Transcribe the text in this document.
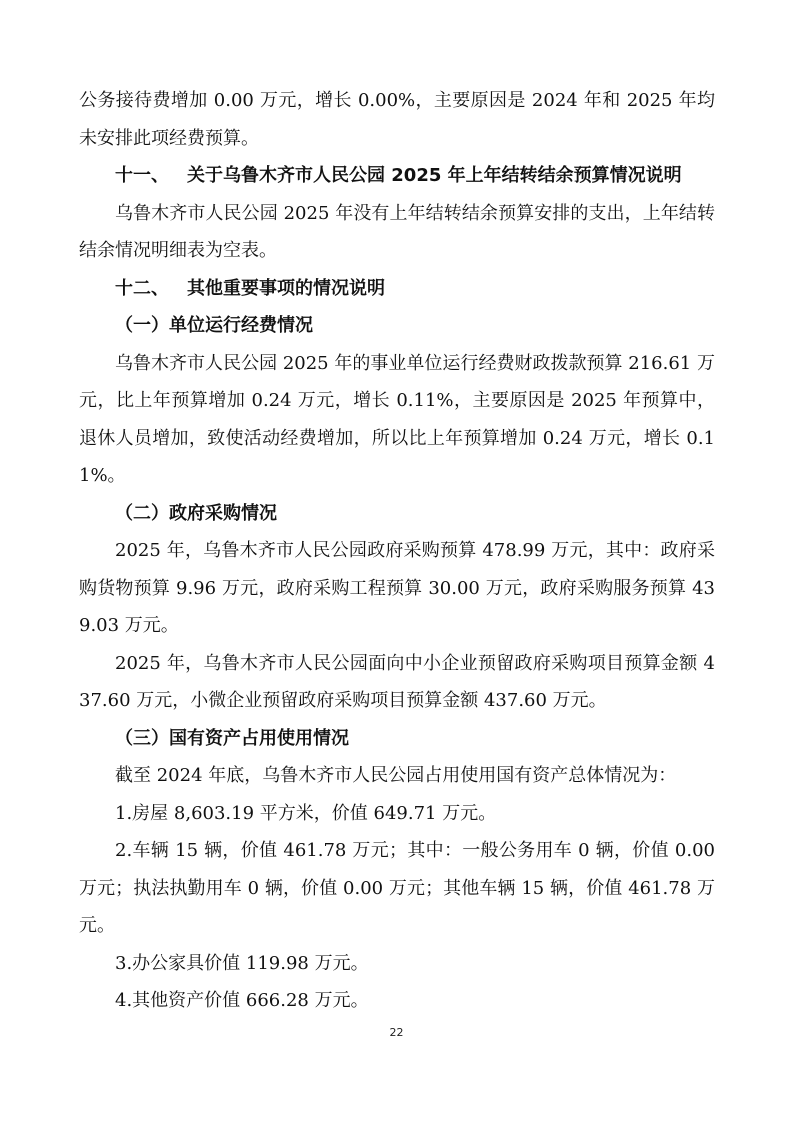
公务接待费增加 0.00 万元，增长 0.00%，主要原因是 2024 年和 2025 年均未安排此项经费预算。

十一、 关于乌鲁木齐市人民公园 2025 年上年结转结余预算情况说明

乌鲁木齐市人民公园 2025 年没有上年结转结余预算安排的支出，上年结转结余情况明细表为空表。

十二、 其他重要事项的情况说明
（一）单位运行经费情况

乌鲁木齐市人民公园 2025 年的事业单位运行经费财政拨款预算 216.61 万元，比上年预算增加 0.24 万元，增长 0.11%，主要原因是 2025 年预算中，退休人员增加，致使活动经费增加，所以比上年预算增加 0.24 万元，增长 0.11%。

（二）政府采购情况

2025 年，乌鲁木齐市人民公园政府采购预算 478.99 万元，其中：政府采购货物预算 9.96 万元，政府采购工程预算 30.00 万元，政府采购服务预算 439.03 万元。

2025 年，乌鲁木齐市人民公园面向中小企业预留政府采购项目预算金额 437.60 万元，小微企业预留政府采购项目预算金额 437.60 万元。

（三）国有资产占用使用情况

截至 2024 年底，乌鲁木齐市人民公园占用使用国有资产总体情况为：

1.房屋 8,603.19 平方米，价值 649.71 万元。

2.车辆 15 辆，价值 461.78 万元；其中：一般公务用车 0 辆，价值 0.00 万元；执法执勤用车 0 辆，价值 0.00 万元；其他车辆 15 辆，价值 461.78 万元。

3.办公家具价值 119.98 万元。

4.其他资产价值 666.28 万元。

22
